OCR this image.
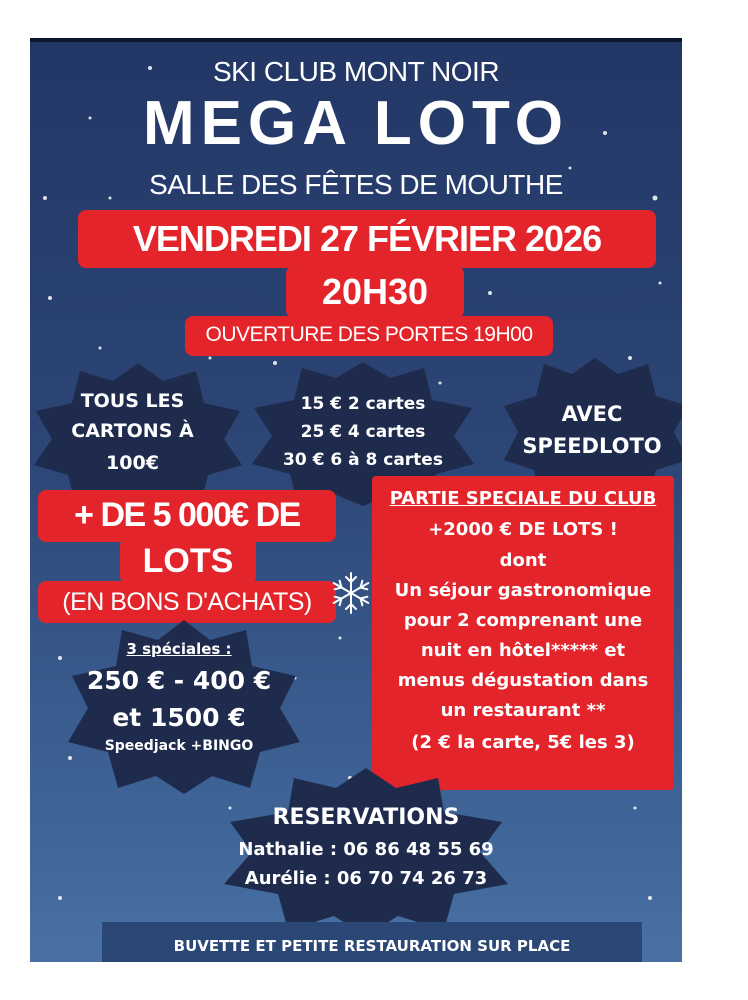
SKI CLUB MONT NOIR
MEGA LOTO
SALLE DES FÊTES DE MOUTHE
VENDREDI 27 FÉVRIER 2026
20H30
OUVERTURE DES PORTES 19H00
TOUS LES
CARTONS À
100€
15 € 2 cartes
25 € 4 cartes
30 € 6 à 8 cartes
AVEC
SPEEDLOTO
+ DE 5 000€ DE
LOTS
(EN BONS D'ACHATS)
3 spéciales :
250 € - 400 €
et 1500 €
Speedjack +BINGO
PARTIE SPECIALE DU CLUB
+2000 € DE LOTS !
dont
Un séjour gastronomique
pour 2 comprenant une
nuit en hôtel***** et
menus dégustation dans
un restaurant **
(2 € la carte, 5€ les 3)
RESERVATIONS
Nathalie : 06 86 48 55 69
Aurélie : 06 70 74 26 73
BUVETTE ET PETITE RESTAURATION SUR PLACE
